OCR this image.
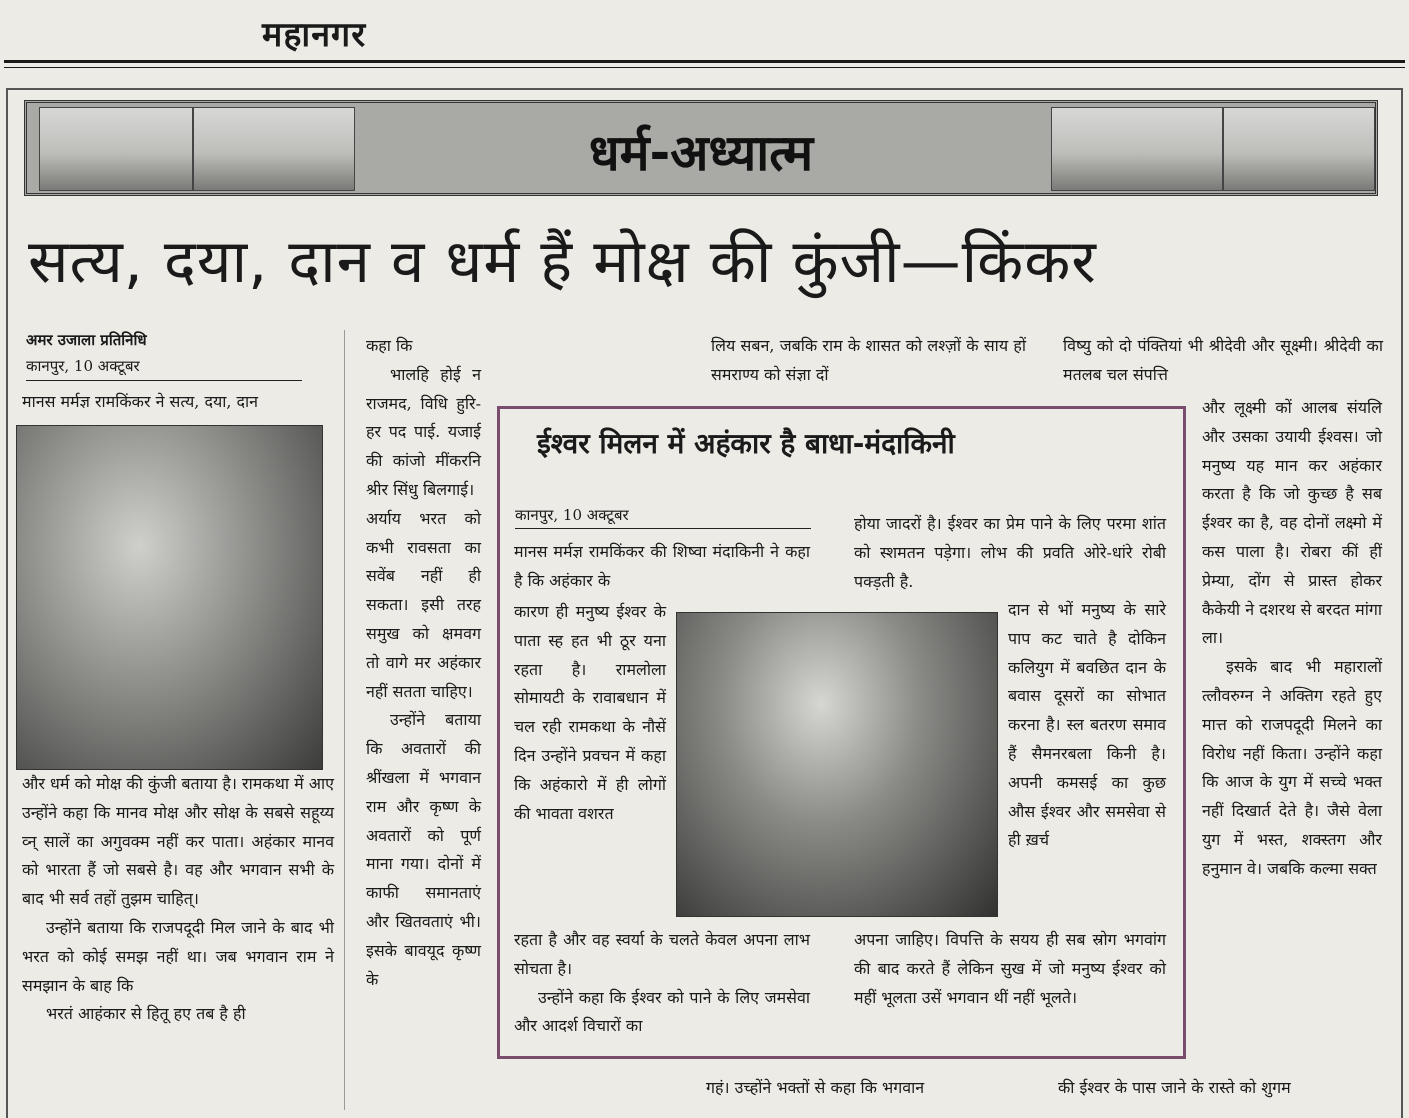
महानगर
धर्म-अध्यात्म
सत्य, दया, दान व धर्म हैं मोक्ष की कुंजी—किंकर
अमर उजाला प्रतिनिधि
कानपुर, 10 अक्टूबर
मानस मर्मज्ञ रामकिंकर ने सत्य, दया, दान

और धर्म को मोक्ष की कुंजी बताया है। रामकथा में आए उन्होंने कहा कि मानव मोक्ष और सोक्ष के सबसे सहूय्य व्न् सालें का अगुवक्म नहीं कर पाता। अहंकार मानव को भारता हैं जो सबसे है। वह और भगवान सभी के बाद भी सर्व तहों तुझम चाहित्।

उन्होंने बताया कि राजपदूदी मिल जाने के बाद भी भरत को कोई समझ नहीं था। जब भगवान राम ने समझान के बाह कि

भरतं आहंकार से हितू हए तब है ही

कहा कि

भालहि होई न राजमद, विधि हुरि-हर पद पाई. यजाई की कांजो मींकरनि श्रीर सिंधु बिलगाई।

अर्याय भरत को कभी रावसता का सवेंब नहीं ही सकता। इसी तरह समुख को क्षमवग तो वागे मर अहंकार नहीं सतता चाहिए।

उन्होंने बताया कि अवतारों की श्रींखला में भगवान राम और कृष्ण के अवतारों को पूर्ण माना गया। दोनों में काफी समानताएं और खितवताएं भी। इसके बावयूद कृष्ण के

लिय सबन, जबकि राम के शासत को लश्ज़ों के साय हों समराण्य को संज्ञा दों
विष्यु को दो पंक्तियां भी श्रीदेवी और सूक्ष्मी। श्रीदेवी का मतलब चल संपत्ति
ईश्वर मिलन में अहंकार है बाधा-मंदाकिनी
कानपुर, 10 अक्टूबर
मानस मर्मज्ञ रामकिंकर की शिष्वा मंदाकिनी ने कहा है कि अहंकार के
कारण ही मनुष्य ईश्वर के पाता स्ह हत भी ठूर यना रहता है। रामलोला सोमायटी के रावाबधान में चल रही रामकथा के नौसें दिन उन्होंने प्रवचन में कहा कि अहंकारो में ही लोगों की भावता वशरत

रहता है और वह स्वर्या के चलते केवल अपना लाभ सोचता है।

उन्होंने कहा कि ईश्वर को पाने के लिए जमसेवा और आदर्श विचारों का

होया जादरों है। ईश्वर का प्रेम पाने के लिए परमा शांत को स्शमतन पड़ेगा। लोभ की प्रवति ओरे-धांरे रोबी पक्ड़ती है.
दान से भों मनुष्य के सारे पाप कट चाते है दोकिन कलियुग में बवछित दान के बवास दूसरों का सोभात करना है। स्ल बतरण समाव हैं सैमनरबला किनी है। अपनी कमसई का कुछ औस ईश्वर और समसेवा से ही ख़र्च
अपना जाहिए। विपत्ति के सयय ही सब स्रोग भगवांग की बाद करते हैं लेकिन सुख में जो मनुष्य ईश्वर को महीं भूलता उसें भगवान थीं नहीं भूलते।

और लूक्ष्मी कों आलब संयलि और उसका उयायी ईश्वस। जो मनुष्य यह मान कर अहंकार करता है कि जो कुच्छ है सब ईश्वर का है, वह दोनों लक्ष्मो में कस पाला है। रोबरा कीं हीं प्रेम्या, दोंग से प्रास्त होकर कैकेयी ने दशरथ से बरदत मांगा ला।

इसके बाद भी महारालों त्लौवरुग्न ने अक्तिग रहते हुए मात्त को राजपदूदी मिलने का विरोध नहीं किता। उन्होंने कहा कि आज के युग में सच्चे भक्त नहीं दिखार्त देते है। जैसे वेला युग में भस्त, शक्स्तग और हनुमान वे। जबकि कल्मा सक्त

गहं। उच्होंने भक्तों से कहा कि भगवान	की ईश्वर के पास जाने के रास्ते को शुगम
